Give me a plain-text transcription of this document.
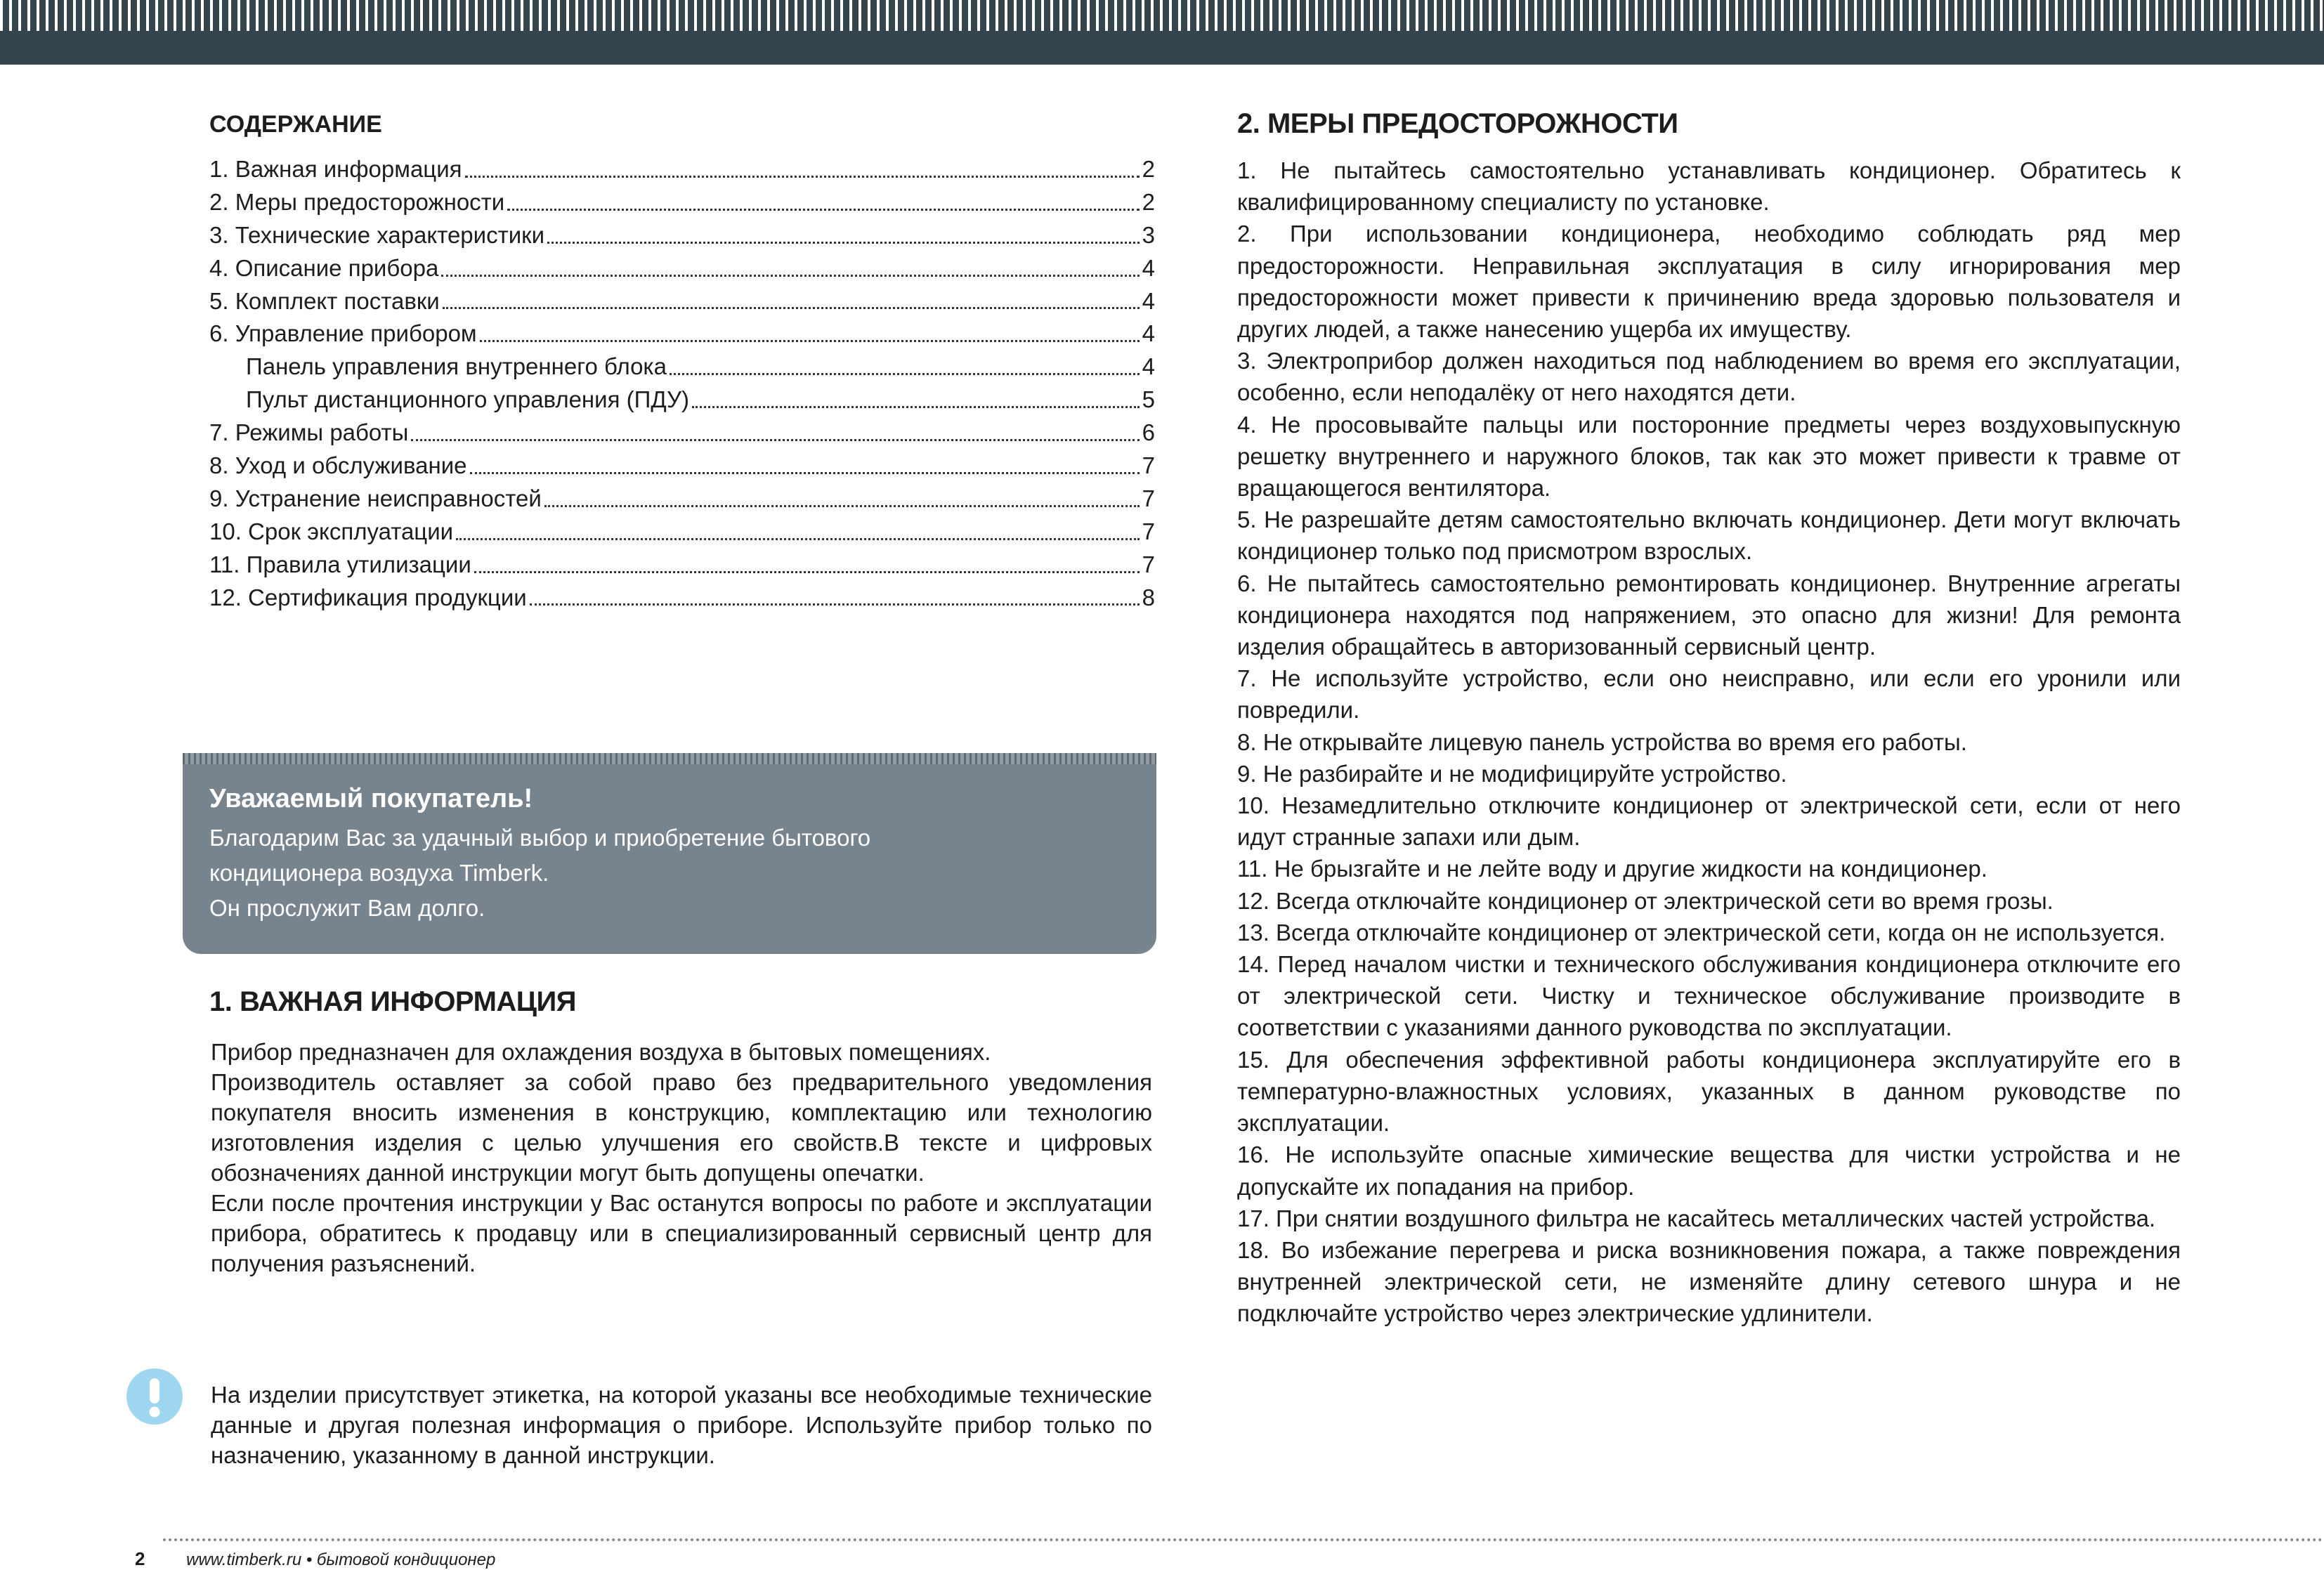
СОДЕРЖАНИЕ
1. Важная информация	2
2. Меры предосторожности	2
3. Технические характеристики	3
4. Описание прибора	4
5. Комплект поставки	4
6. Управление прибором	4
Панель управления внутреннего блока	4
Пульт дистанционного управления (ПДУ)	5
7. Режимы работы	6
8. Уход и обслуживание	7
9. Устранение неисправностей	7
10. Срок эксплуатации	7
11. Правила утилизации	7
12. Сертификация продукции	8
Уважаемый покупатель!
Благодарим Вас за удачный выбор и приобретение бытового
кондиционера воздуха Timberk.
Он прослужит Вам долго.
1. ВАЖНАЯ ИНФОРМАЦИЯ

Прибор предназначен для охлаждения воздуха в бытовых помещениях.

Производитель оставляет за собой право без предварительного уведомления покупателя вносить изменения в конструкцию, комплектацию или технологию изготовления изделия с целью улучшения его свойств.В тексте и цифровых обозначениях данной инструкции могут быть допущены опечатки.

Если после прочтения инструкции у Вас останутся вопросы по работе и эксплуатации прибора, обратитесь к продавцу или в специализированный сервисный центр для получения разъяснений.

На изделии присутствует этикетка, на которой указаны все необходимые технические данные и другая полезная информация о приборе. Используйте прибор только по назначению, указанному в данной инструкции.

2. МЕРЫ ПРЕДОСТОРОЖНОСТИ
1. Не пытайтесь самостоятельно устанавливать кондиционер. Обратитесь к квалифицированному специалисту по установке.
2. При использовании кондиционера, необходимо соблюдать ряд мер предосторожности. Неправильная эксплуатация в силу игнорирования мер предосторожности может привести к причинению вреда здоровью пользователя и других людей, а также нанесению ущерба их имуществу.
3. Электроприбор должен находиться под наблюдением во время его эксплуатации, особенно, если неподалёку от него находятся дети.
4. Не просовывайте пальцы или посторонние предметы через воздуховыпускную решетку внутреннего и наружного блоков, так как это может привести к травме от вращающегося вентилятора.
5. Не разрешайте детям самостоятельно включать кондиционер. Дети могут включать кондиционер только под присмотром взрослых.
6. Не пытайтесь самостоятельно ремонтировать кондиционер. Внутренние агрегаты кондиционера находятся под напряжением, это опасно для жизни! Для ремонта изделия обращайтесь в авторизованный сервисный центр.
7. Не используйте устройство, если оно неисправно, или если его уронили или повредили.
8. Не открывайте лицевую панель устройства во время его работы.
9. Не разбирайте и не модифицируйте устройство.
10. Незамедлительно отключите кондиционер от электрической сети, если от него идут странные запахи или дым.
11. Не брызгайте и не лейте воду и другие жидкости на кондиционер.
12. Всегда отключайте кондиционер от электрической сети во время грозы.
13. Всегда отключайте кондиционер от электрической сети, когда он не используется.
14. Перед началом чистки и технического обслуживания кондиционера отключите его от электрической сети. Чистку и техническое обслуживание производите в соответствии с указаниями данного руководства по эксплуатации.
15. Для обеспечения эффективной работы кондиционера эксплуатируйте его в температурно-влажностных условиях, указанных в данном руководстве по эксплуатации.
16. Не используйте опасные химические вещества для чистки устройства и не допускайте их попадания на прибор.
17. При снятии воздушного фильтра не касайтесь металлических частей устройства.
18. Во избежание перегрева и риска возникновения пожара, а также повреждения внутренней электрической сети, не изменяйте длину сетевого шнура и не подключайте устройство через электрические удлинители.
2 www.timberk.ru • бытовой кондиционер
